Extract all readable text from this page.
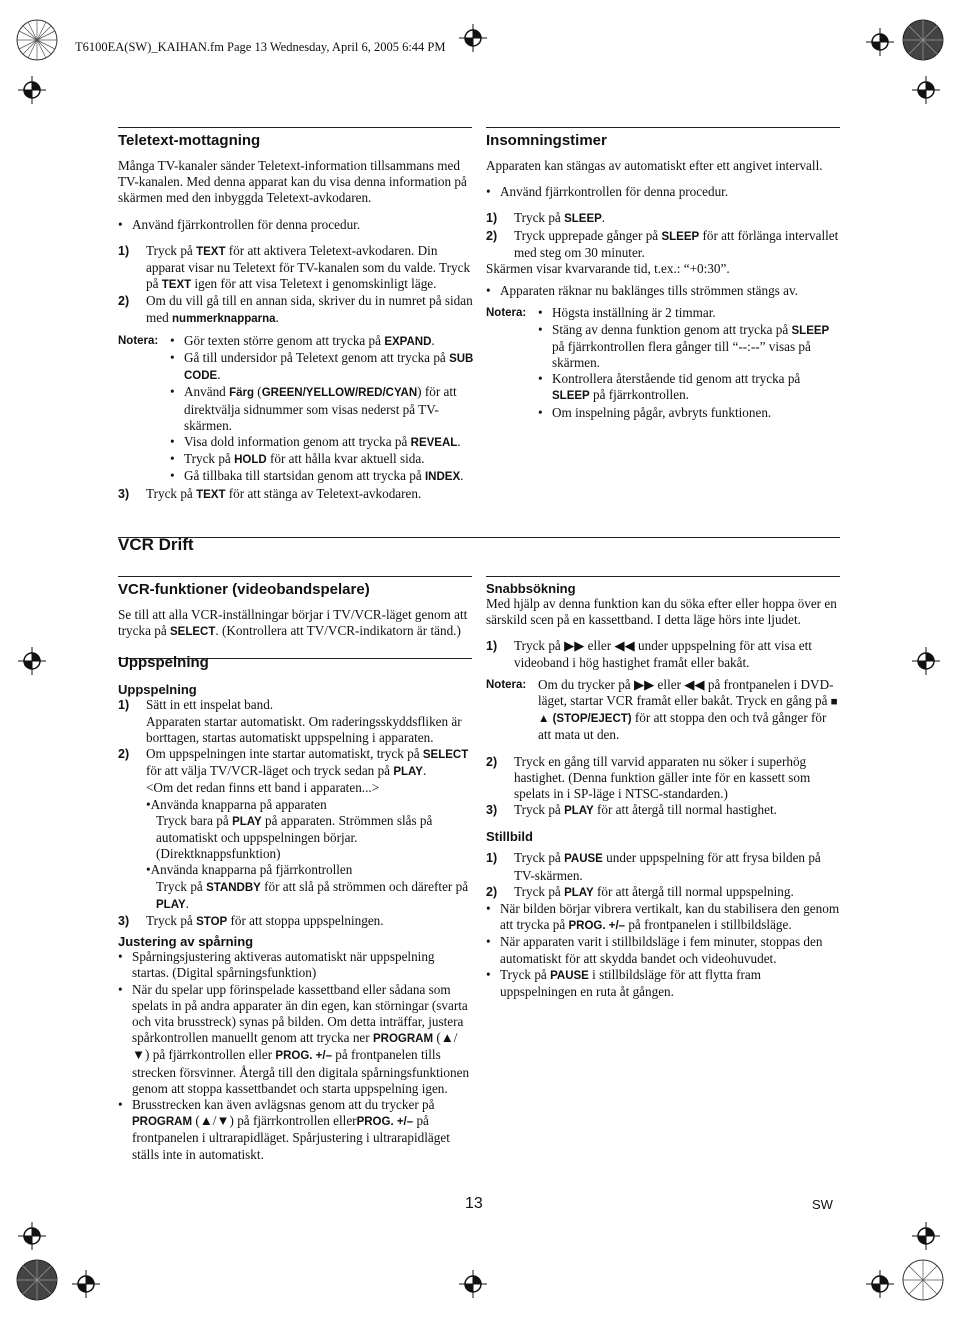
T6100EA(SW)_KAIHAN.fm Page 13 Wednesday, April 6, 2005 6:44 PM
Teletext-mottagning

Många TV-kanaler sänder Teletext-information tillsammans med TV-kanalen. Med denna apparat kan du visa denna information på skärmen med den inbyggda Teletext-avkodaren.

• Använd fjärrkontrollen för denna procedur.
1)	Tryck på TEXT för att aktivera Teletext-avkodaren. Din apparat visar nu Teletext för TV-kanalen som du valde. Tryck på TEXT igen för att visa Teletext i genomskinligt läge.
2)	Om du vill gå till en annan sida, skriver du in numret på sidan med nummerknapparna.
Notera: • Gör texten större genom att trycka på EXPAND.
• Gå till undersidor på Teletext genom att trycka på SUB CODE.
• Använd Färg (GREEN/YELLOW/RED/CYAN) för att direktvälja sidnummer som visas nederst på TV-skärmen.
• Visa dold information genom att trycka på REVEAL.
• Tryck på HOLD för att hålla kvar aktuell sida.
• Gå tillbaka till startsidan genom att trycka på INDEX.
3)	Tryck på TEXT för att stänga av Teletext-avkodaren.
Insomningstimer

Apparaten kan stängas av automatiskt efter ett angivet intervall.

• Använd fjärrkontrollen för denna procedur.
1)	Tryck på SLEEP.
2)	Tryck upprepade gånger på SLEEP för att förlänga intervallet med steg om 30 minuter.

Skärmen visar kvarvarande tid, t.ex.: “+0:30”.

• Apparaten räknar nu baklänges tills strömmen stängs av.
Notera: • Högsta inställning är 2 timmar.
• Stäng av denna funktion genom att trycka på SLEEP på fjärrkontrollen flera gånger till “--:--” visas på skärmen.
• Kontrollera återstående tid genom att trycka på SLEEP på fjärrkontrollen.
• Om inspelning pågår, avbryts funktionen.
VCR Drift
VCR-funktioner (videobandspelare)

Se till att alla VCR-inställningar börjar i TV/VCR-läget genom att trycka på SELECT. (Kontrollera att TV/VCR-indikatorn är tänd.)

Uppspelning
Uppspelning
1)	Sätt in ett inspelat band.
Apparaten startar automatiskt. Om raderingsskyddsfliken är borttagen, startas automatiskt uppspelning i apparaten.
2)	Om uppspelningen inte startar automatiskt, tryck på SELECT för att välja TV/VCR-läget och tryck sedan på PLAY.
<Om det redan finns ett band i apparaten...>
•Använda knapparna på apparaten
Tryck bara på PLAY på apparaten. Strömmen slås på automatiskt och uppspelningen börjar.
(Direktknappsfunktion)
•Använda knapparna på fjärrkontrollen
Tryck på STANDBY för att slå på strömmen och därefter på PLAY.
3)	Tryck på STOP för att stoppa uppspelningen.
Justering av spårning
• Spårningsjustering aktiveras automatiskt när uppspelning startas. (Digital spårningsfunktion)
• När du spelar upp förinspelade kassettband eller sådana som spelats in på andra apparater än din egen, kan störningar (svarta och vita brusstreck) synas på bilden. Om detta inträffar, justera spårkontrollen manuellt genom att trycka ner PROGRAM (▲/▼) på fjärrkontrollen eller PROG. +/– på frontpanelen tills strecken försvinner. Återgå till den digitala spårningsfunktionen genom att stoppa kassettbandet och starta uppspelning igen.
• Brusstrecken kan även avlägsnas genom att du trycker på PROGRAM (▲/▼) på fjärrkontrollen ellerPROG. +/– på frontpanelen i ultrarapidläget. Spårjustering i ultrarapidläget ställs inte in automatiskt.
Snabbsökning

Med hjälp av denna funktion kan du söka efter eller hoppa över en särskild scen på en kassettband. I detta läge hörs inte ljudet.

1)	Tryck på ▶▶ eller ◀◀ under uppspelning för att visa ett videoband i hög hastighet framåt eller bakåt.
Notera: Om du trycker på ▶▶ eller ◀◀ på frontpanelen i DVD-läget, startar VCR framåt eller bakåt. Tryck en gång på ■ ▲ (STOP/EJECT) för att stoppa den och två gånger för att mata ut den.
2)	Tryck en gång till varvid apparaten nu söker i superhög hastighet. (Denna funktion gäller inte för en kassett som spelats in i SP-läge i NTSC-standarden.)
3)	Tryck på PLAY för att återgå till normal hastighet.
Stillbild
1)	Tryck på PAUSE under uppspelning för att frysa bilden på TV-skärmen.
2)	Tryck på PLAY för att återgå till normal uppspelning.
• När bilden börjar vibrera vertikalt, kan du stabilisera den genom att trycka på PROG. +/– på frontpanelen i stillbildsläge.
• När apparaten varit i stillbildsläge i fem minuter, stoppas den automatiskt för att skydda bandet och videohuvudet.
• Tryck på PAUSE i stillbildsläge för att flytta fram uppspelningen en ruta åt gången.
13	SW
